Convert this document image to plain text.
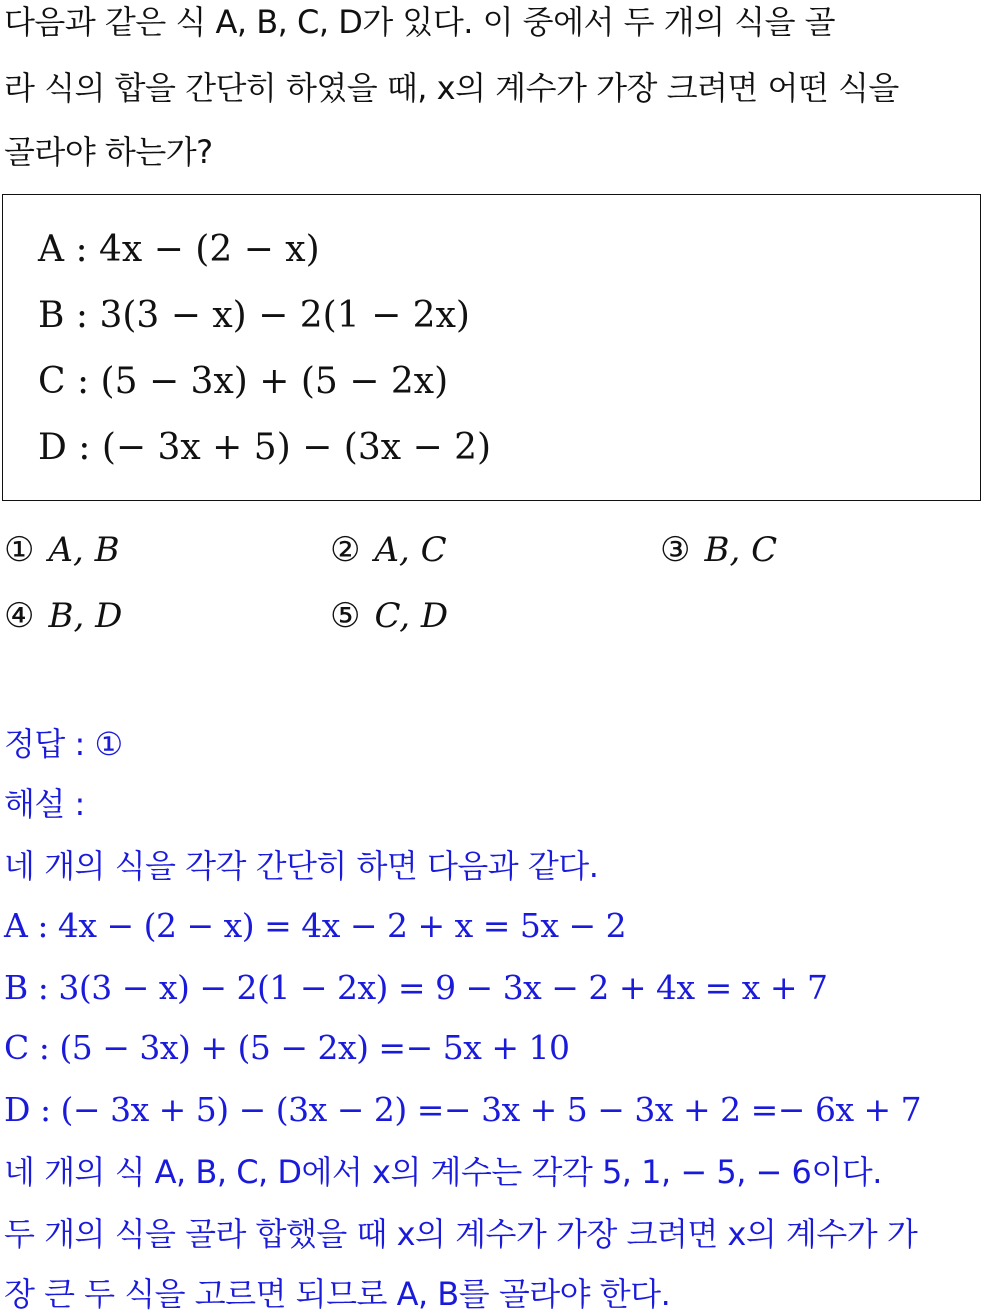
다음과 같은 식 A, B, C, D가 있다. 이 중에서 두 개의 식을 골
라 식의 합을 간단히 하였을 때, x의 계수가 가장 크려면 어떤 식을
골라야 하는가?
A : 4x − (2 − x)
B : 3(3 − x) − 2(1 − 2x)
C : (5 − 3x) + (5 − 2x)
D : (− 3x + 5) − (3x − 2)
① A, B	② A, C	③ B, C
④ B, D	⑤ C, D
정답 : ①
해설 :
네 개의 식을 각각 간단히 하면 다음과 같다.
A : 4x − (2 − x) = 4x − 2 + x = 5x − 2
B : 3(3 − x) − 2(1 − 2x) = 9 − 3x − 2 + 4x = x + 7
C : (5 − 3x) + (5 − 2x) =− 5x + 10
D : (− 3x + 5) − (3x − 2) =− 3x + 5 − 3x + 2 =− 6x + 7
네 개의 식 A, B, C, D에서 x의 계수는 각각 5, 1, − 5, − 6이다.
두 개의 식을 골라 합했을 때 x의 계수가 가장 크려면 x의 계수가 가
장 큰 두 식을 고르면 되므로 A, B를 골라야 한다.
